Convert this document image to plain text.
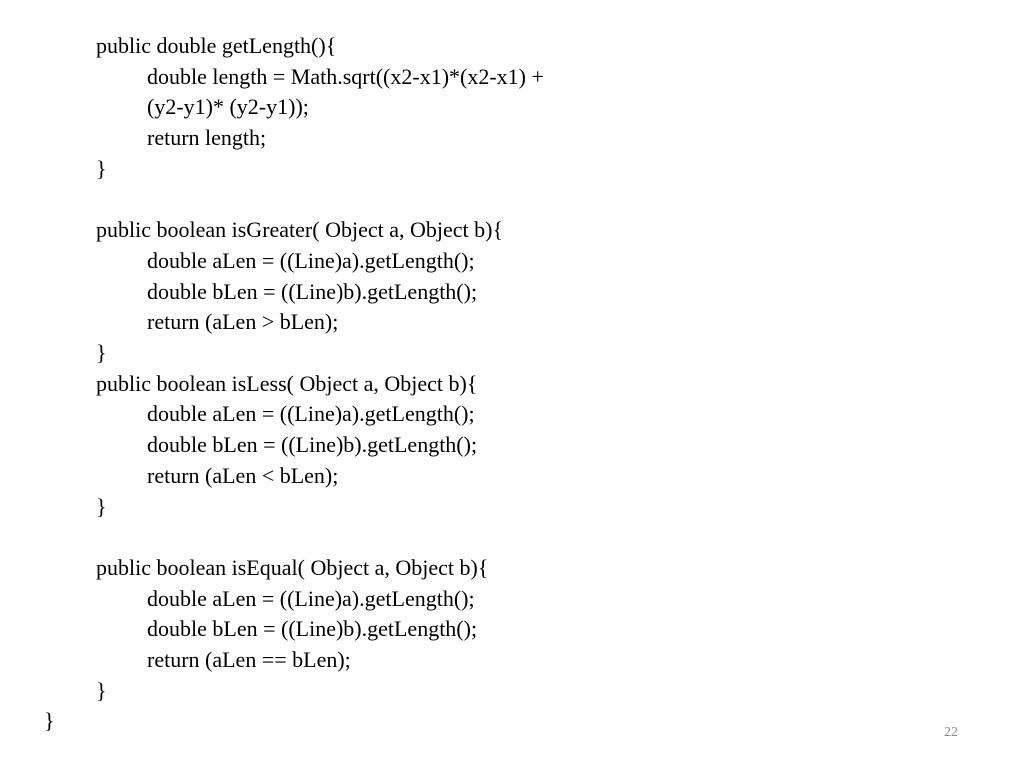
public double getLength(){
double length = Math.sqrt((x2-x1)*(x2-x1) +
(y2-y1)* (y2-y1));
return length;
}
public boolean isGreater( Object a, Object b){
double aLen = ((Line)a).getLength();
double bLen = ((Line)b).getLength();
return (aLen > bLen);
}
public boolean isLess( Object a, Object b){
double aLen = ((Line)a).getLength();
double bLen = ((Line)b).getLength();
return (aLen < bLen);
}
public boolean isEqual( Object a, Object b){
double aLen = ((Line)a).getLength();
double bLen = ((Line)b).getLength();
return (aLen == bLen);
}
}	22
